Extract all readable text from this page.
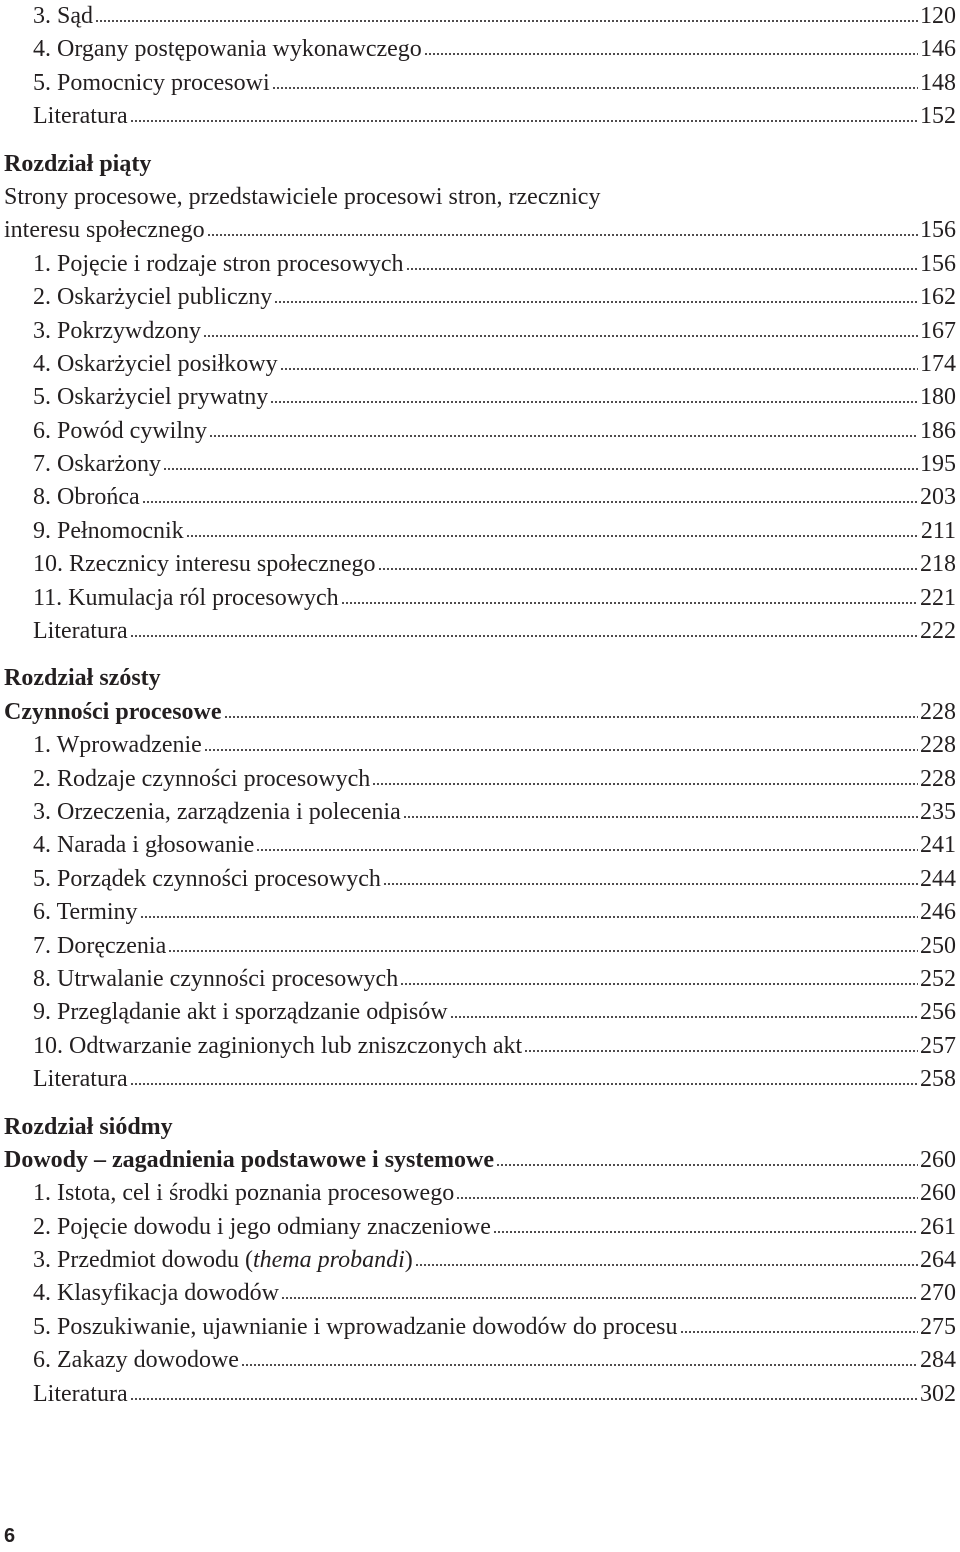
3. Sąd	120
4. Organy postępowania wykonawczego	146
5. Pomocnicy procesowi	148
Literatura	152
Rozdział piąty
Strony procesowe, przedstawiciele procesowi stron, rzecznicy
interesu społecznego	156
1. Pojęcie i rodzaje stron procesowych	156
2. Oskarżyciel publiczny	162
3. Pokrzywdzony	167
4. Oskarżyciel posiłkowy	174
5. Oskarżyciel prywatny	180
6. Powód cywilny	186
7. Oskarżony	195
8. Obrońca	203
9. Pełnomocnik	211
10. Rzecznicy interesu społecznego	218
11. Kumulacja ról procesowych	221
Literatura	222
Rozdział szósty
Czynności procesowe	228
1. Wprowadzenie	228
2. Rodzaje czynności procesowych	228
3. Orzeczenia, zarządzenia i polecenia	235
4. Narada i głosowanie	241
5. Porządek czynności procesowych	244
6. Terminy	246
7. Doręczenia	250
8. Utrwalanie czynności procesowych	252
9. Przeglądanie akt i sporządzanie odpisów	256
10. Odtwarzanie zaginionych lub zniszczonych akt	257
Literatura	258
Rozdział siódmy
Dowody – zagadnienia podstawowe i systemowe	260
1. Istota, cel i środki poznania procesowego	260
2. Pojęcie dowodu i jego odmiany znaczeniowe	261
3. Przedmiot dowodu (thema probandi)	264
4. Klasyfikacja dowodów	270
5. Poszukiwanie, ujawnianie i wprowadzanie dowodów do procesu	275
6. Zakazy dowodowe	284
Literatura	302
6
